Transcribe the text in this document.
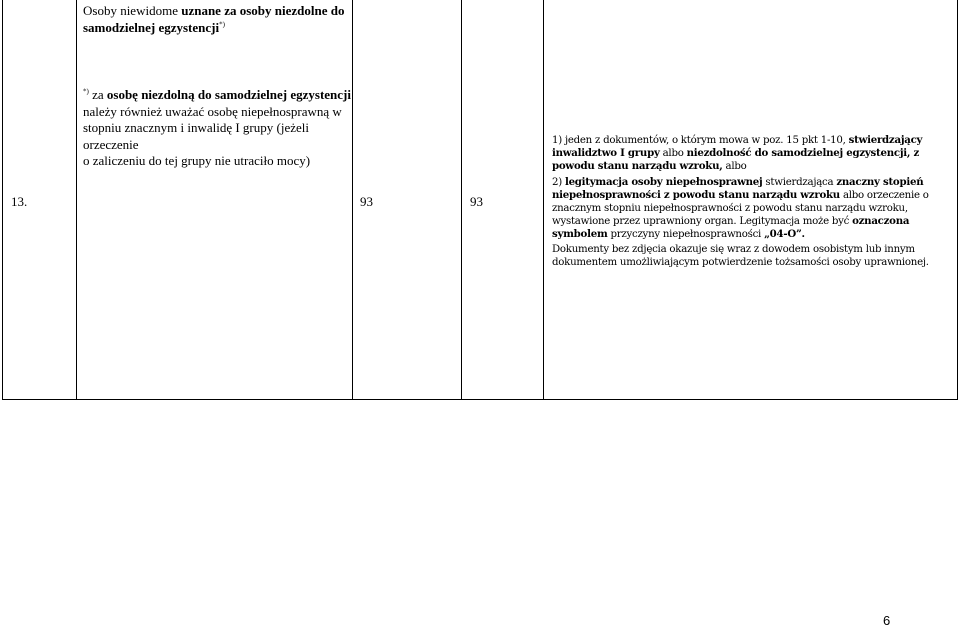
Osoby niewidome uznane za osoby niezdolne do
samodzielnej egzystencji*)

*) za osobę niezdolną do samodzielnej egzystencji
należy również uważać osobę niepełnosprawną w
stopniu znacznym i inwalidę I grupy (jeżeli orzeczenie
o zaliczeniu do tej grupy nie utraciło mocy)

13.	93	93

1) jeden z dokumentów, o którym mowa w poz. 15 pkt 1-10, stwierdzający inwalidztwo I grupy albo niezdolność do samodzielnej egzystencji, z powodu stanu narządu wzroku, albo

2) legitymacja osoby niepełnosprawnej stwierdzająca znaczny stopień niepełnosprawności z powodu stanu narządu wzroku albo orzeczenie o znacznym stopniu niepełnosprawności z powodu stanu narządu wzroku, wystawione przez uprawniony organ. Legitymacja może być oznaczona symbolem przyczyny niepełnosprawności „04-O”.

Dokumenty bez zdjęcia okazuje się wraz z dowodem osobistym lub innym dokumentem umożliwiającym potwierdzenie tożsamości osoby uprawnionej.

6
